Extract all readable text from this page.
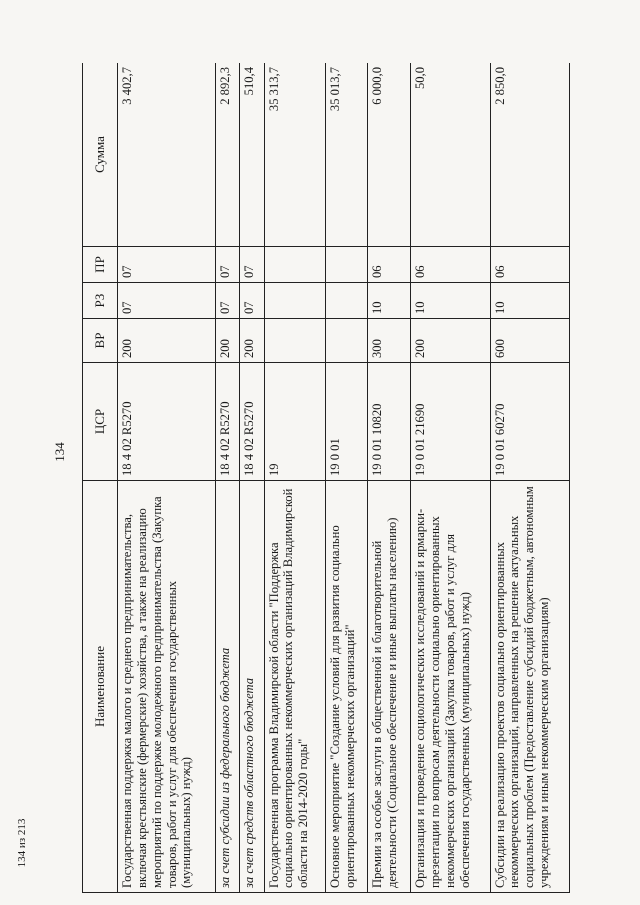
134
134 из 213
Наименование	ЦСР	ВР	РЗ	ПР	Сумма
Государственная поддержка малого и среднего предпринимательства, включая крестьянские (фермерские) хозяйства, а также на реализацию мероприятий по поддержке молодежного предпринимательства (Закупка товаров, работ и услуг для обеспечения государственных (муниципальных) нужд)	18 4 02 R5270	200	07	07	3 402,7
за счет субсидии из федерального бюджета	18 4 02 R5270	200	07	07	2 892,3
за счет средств областного бюджета	18 4 02 R5270	200	07	07	510,4
Государственная программа Владимирской области "Поддержка социально ориентированных некоммерческих организаций Владимирской области на 2014-2020 годы"	19				35 313,7
Основное мероприятие "Создание условий для развития социально ориентированных некоммерческих организаций"	19 0 01				35 013,7
Премии за особые заслуги в общественной и благотворительной деятельности (Социальное обеспечение и иные выплаты населению)	19 0 01 10820	300	10	06	6 000,0
Организация и проведение социологических исследований и ярмарки-презентации по вопросам деятельности социально ориентированных некоммерческих организаций (Закупка товаров, работ и услуг для обеспечения государственных (муниципальных) нужд)	19 0 01 21690	200	10	06	50,0
Субсидии на реализацию проектов социально ориентированных некоммерческих организаций, направленных на решение актуальных социальных проблем (Предоставление субсидий бюджетным, автономным учреждениям и иным некоммерческим организациям)	19 0 01 60270	600	10	06	2 850,0
